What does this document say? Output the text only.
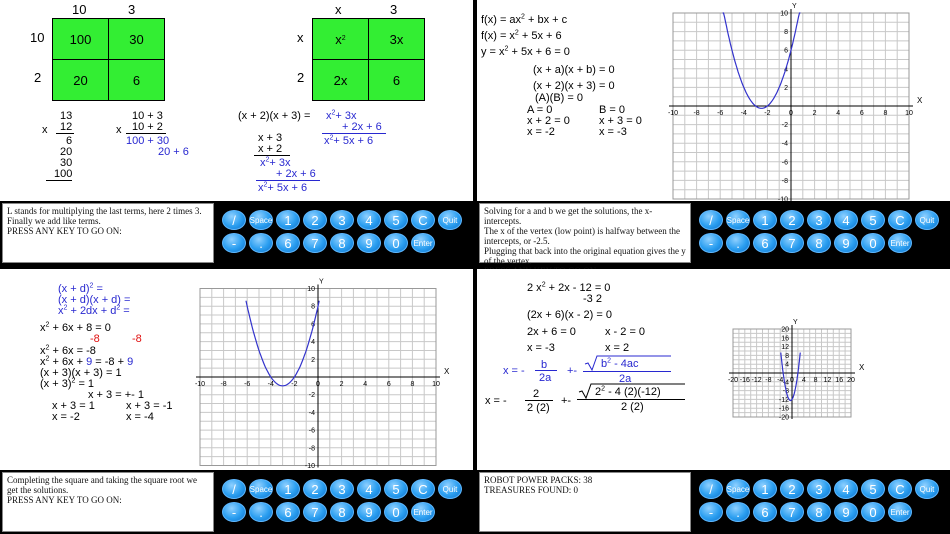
10	3
10
2
100	30
20	6
x	3
x
2
x 2	3x
2x	6
13
x 12
6
20
30
100
10 + 3
x 10 + 2
100 + 30
20 + 6
$(x + 2)(x + 3) = x^2+ 3x$
+ 2x + 6
$x^2+ 5x + 6$
x + 3
x + 2
$x^2+ 3x$
+ 2x + 6
$x^2+ 5x + 6$
L stands for multiplying the last terms, here 2 times 3.
Finally we add like terms.
PRESS ANY KEY TO GO ON:
/	Space 1	2	3	4	5	C	Quit
-	.	6	7	8	9	0	Enter
$f(x) = ax^2$ + bx + c
$f(x) = x^2 + 5x + 6$
$y = x^2 + 5x + 6 = 0$
(x + a)(x + b) = 0
(x + 2)(x + 3) = 0
(A)(B) = 0
A = 0	B = 0
x + 2 = 0	x + 3 = 0
x = -2	x = -3
-10 -8 -6 -4 -2	0	2	4	6	8	10
10
8
6
4
2
-2
-4
-6
-8
-10
Y
X
Solving for a and b we get the solutions, the x-intercepts.
The x of the vertex (low point) is halfway between the intercepts, or -2.5.
Plugging that back into the original equation gives the y of the vertex.
/	Space 1	2	3	4	5	C	Quit
-	.	6	7	8	9	0	Enter
$(x + d)^2$ =
(x + d)(x + d) =
$x^2 + 2dx + d^2$ =
$x^2 + 6x + 8 = 0$
-8	-8
$x^2 + 6x = -8$
$x^2 + 6x + 9 = -8 + 9$
(x + 3)(x + 3) = 1
$(x + 3)^2 = 1$
x + 3 = +- 1
x + 3 = 1	x + 3 = -1
x = -2	x = -4
-10 -8 -6 -4 -2	0	2	4	6	8	10
10
8
6
4
2
-2
-4
-6
-8
-10
Y
X
Completing the square and taking the square root we get the solutions.
PRESS ANY KEY TO GO ON:
/	Space 1	2	3	4	5	C	Quit
-	.	6	7	8	9	0	Enter
2 $x^2 + 2x - 12 = 0$
-3 2
(2x + 6)(x - 2) = 0
2x + 6 = 0	x - 2 = 0
x = -3	x = 2
x = - b
2a
+-
$b^2 - 4ac$
2a
x = -
2
2 (2)
+-
$2^2 - 4$ (2)(-12)
2 (2)
-20 -16 -12 -8 -4 0 4 8 12 16 20
20
16
12
8
4
-4
-8
-12
-16
-20
Y
X
ROBOT POWER PACKS: 38
TREASURES FOUND: 0	/	Space 1	2	3	4	5	C	Quit
-	.	6	7	8	9	0	Enter
